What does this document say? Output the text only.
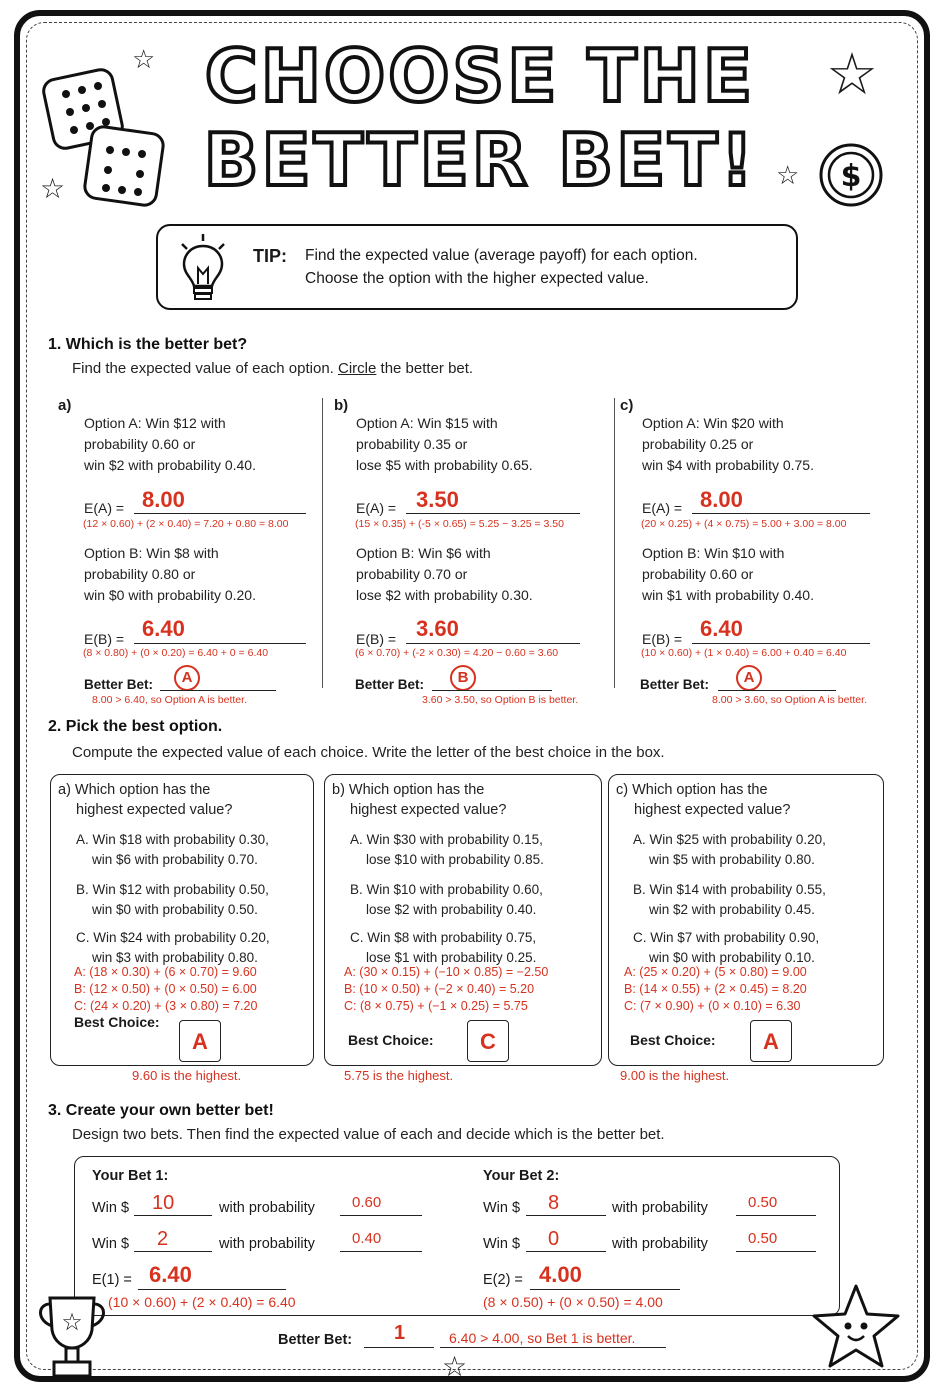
☆
☆
☆
☆ $
CHOOSE THE
BETTER BET!
TIP: Find the expected value (average payoff) for each option.
Choose the option with the higher expected value.
1. Which is the better bet?
Find the expected value of each option. Circle the better bet.
a)
Option A: Win $12 with
probability 0.60 or
win $2 with probability 0.40.
E(A) = 8.00
(12 × 0.60) + (2 × 0.40) = 7.20 + 0.80 = 8.00
Option B: Win $8 with
probability 0.80 or
win $0 with probability 0.20.
E(B) = 6.40
(8 × 0.80) + (0 × 0.20) = 6.40 + 0 = 6.40
Better Bet:	A
8.00 > 6.40, so Option A is better.
b)
Option A: Win $15 with
probability 0.35 or
lose $5 with probability 0.65.
E(A) = 3.50
(15 × 0.35) + (-5 × 0.65) = 5.25 − 3.25 = 3.50
Option B: Win $6 with
probability 0.70 or
lose $2 with probability 0.30.
E(B) = 3.60
(6 × 0.70) + (-2 × 0.30) = 4.20 − 0.60 = 3.60
Better Bet:	B
3.60 > 3.50, so Option B is better.
c)
Option A: Win $20 with
probability 0.25 or
win $4 with probability 0.75.
E(A) = 8.00
(20 × 0.25) + (4 × 0.75) = 5.00 + 3.00 = 8.00
Option B: Win $10 with
probability 0.60 or
win $1 with probability 0.40.
E(B) = 6.40
(10 × 0.60) + (1 × 0.40) = 6.00 + 0.40 = 6.40
Better Bet:	A
8.00 > 3.60, so Option A is better.
2. Pick the best option.
Compute the expected value of each choice. Write the letter of the best choice in the box.
a) Which option has the
highest expected value?
A. Win $18 with probability 0.30,
win $6 with probability 0.70.
B. Win $12 with probability 0.50,
win $0 with probability 0.50.
C. Win $24 with probability 0.20,
win $3 with probability 0.80.
A: (18 × 0.30) + (6 × 0.70) = 9.60
B: (12 × 0.50) + (0 × 0.50) = 6.00
C: (24 × 0.20) + (3 × 0.80) = 7.20
Best Choice:
A
9.60 is the highest.
b) Which option has the
highest expected value?
A. Win $30 with probability 0.15,
lose $10 with probability 0.85.
B. Win $10 with probability 0.60,
lose $2 with probability 0.40.
C. Win $8 with probability 0.75,
lose $1 with probability 0.25.
A: (30 × 0.15) + (−10 × 0.85) = −2.50
B: (10 × 0.50) + (−2 × 0.40) = 5.20
C: (8 × 0.75) + (−1 × 0.25) = 5.75
Best Choice:	C
5.75 is the highest.
c) Which option has the
highest expected value?
A. Win $25 with probability 0.20,
win $5 with probability 0.80.
B. Win $14 with probability 0.55,
win $2 with probability 0.45.
C. Win $7 with probability 0.90,
win $0 with probability 0.10.
A: (25 × 0.20) + (5 × 0.80) = 9.00
B: (14 × 0.55) + (2 × 0.45) = 8.20
C: (7 × 0.90) + (0 × 0.10) = 6.30
Best Choice:	A
9.00 is the highest.
3. Create your own better bet!
Design two bets. Then find the expected value of each and decide which is the better bet.
Your Bet 1:
Win $ 10	with probability 0.60
Win $ 2	with probability 0.40
E(1) = 6.40
(10 × 0.60) + (2 × 0.40) = 6.40
Your Bet 2:
Win $ 8	with probability	0.50
Win $ 0	with probability	0.50
E(2) = 4.00
(8 × 0.50) + (0 × 0.50) = 4.00
Better Bet: 1	6.40 > 4.00, so Bet 1 is better.
☆
☆
